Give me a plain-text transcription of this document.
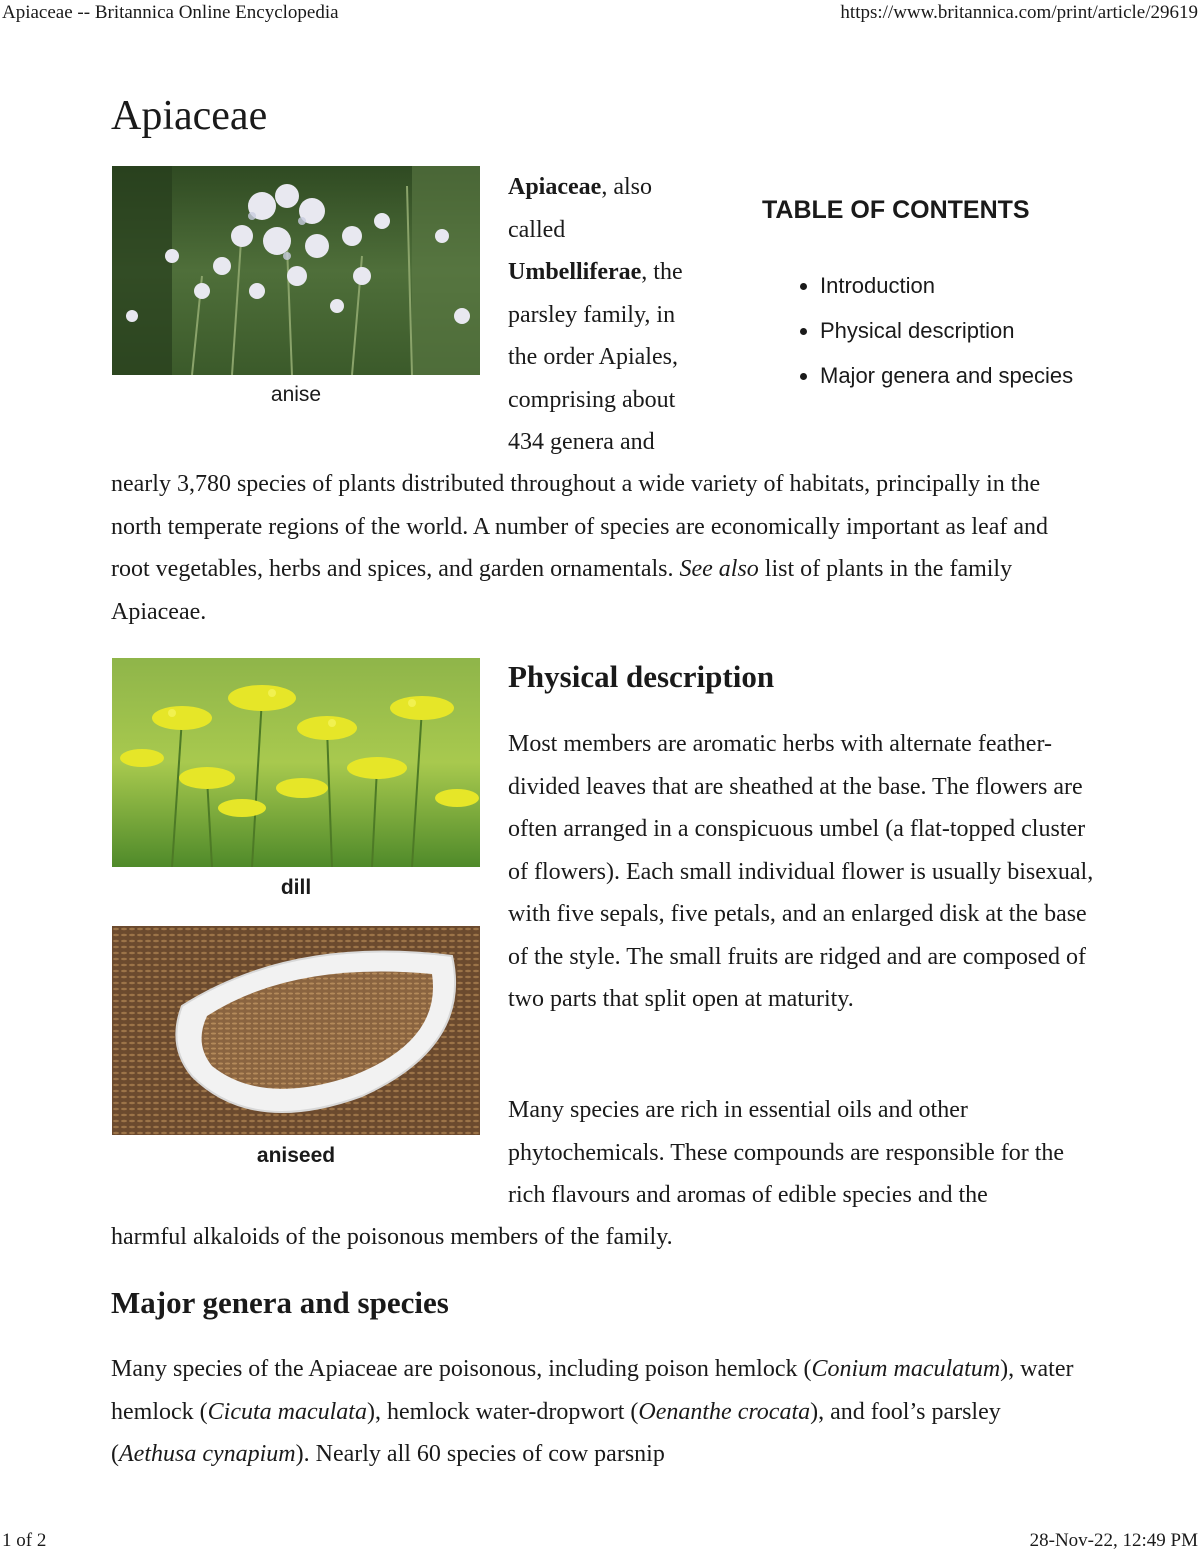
Apiaceae -- Britannica Online Encyclopedia	https://www.britannica.com/print/article/29619
Apiaceae
anise

Apiaceae, also called Umbelliferae, the parsley family, in the order Apiales, comprising about 434 genera and

TABLE OF CONTENTS
• Introduction
• Physical description
• Major genera and species

nearly 3,780 species of plants distributed throughout a wide variety of habitats, principally in the north temperate regions of the world. A number of species are economically important as leaf and root vegetables, herbs and spices, and garden ornamentals. See also list of plants in the family Apiaceae.

dill
aniseed
Physical description

Most members are aromatic herbs with alternate feather-divided leaves that are sheathed at the base. The flowers are often arranged in a conspicuous umbel (a flat-topped cluster of flowers). Each small individual flower is usually bisexual, with five sepals, five petals, and an enlarged disk at the base of the style. The small fruits are ridged and are composed of two parts that split open at maturity.

Many species are rich in essential oils and other phytochemicals. These compounds are responsible for the rich flavours and aromas of edible species and the

harmful alkaloids of the poisonous members of the family.

Major genera and species

Many species of the Apiaceae are poisonous, including poison hemlock (Conium maculatum), water hemlock (Cicuta maculata), hemlock water-dropwort (Oenanthe crocata), and fool’s parsley (Aethusa cynapium). Nearly all 60 species of cow parsnip

1 of 2	28-Nov-22, 12:49 PM
